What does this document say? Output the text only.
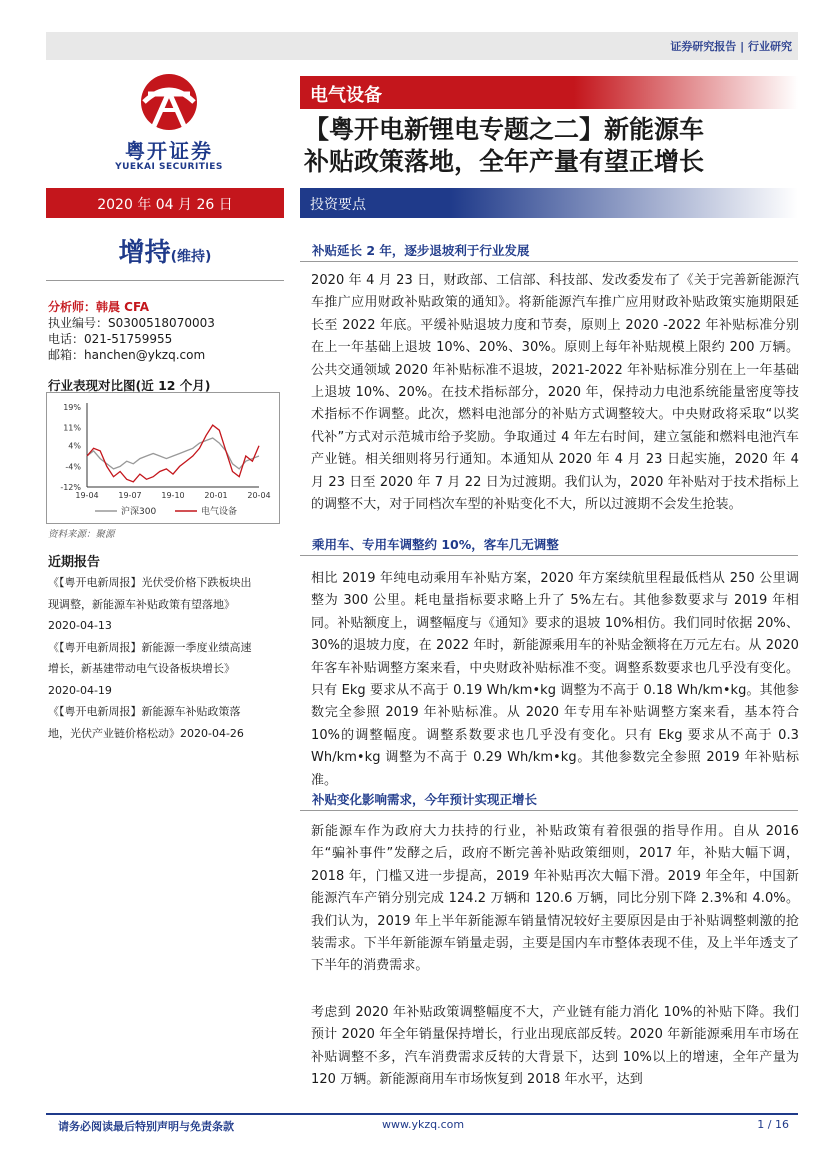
证券研究报告 | 行业研究
粤开证券
YUEKAI SECURITIES
电气设备
【粤开电新锂电专题之二】新能源车
补贴政策落地，全年产量有望正增长
2020 年 04 月 26 日	投资要点
增持(维持)
分析师：韩晨 CFA
执业编号：S0300518070003
电话：021-51759955
邮箱：hanchen@ykzq.com
行业表现对比图(近 12 个月)
19%
11%
4%
-4%
-12%
19-04 19-07 19-10 20-01 20-04
沪深300	电气设备
资料来源：聚源
近期报告
《【粤开电新周报】光伏受价格下跌板块出
现调整，新能源车补贴政策有望落地》
2020-04-13
《【粤开电新周报】新能源一季度业绩高速
增长，新基建带动电气设备板块增长》
2020-04-19
《【粤开电新周报】新能源车补贴政策落
地，光伏产业链价格松动》2020-04-26
补贴延长 2 年，逐步退坡利于行业发展
2020 年 4 月 23 日，财政部、工信部、科技部、发改委发布了《关于完善新能源汽车推广应用财政补贴政策的通知》。将新能源汽车推广应用财政补贴政策实施期限延长至 2022 年底。平缓补贴退坡力度和节奏，原则上 2020 -2022 年补贴标准分别在上一年基础上退坡 10%、20%、30%。原则上每年补贴规模上限约 200 万辆。公共交通领域 2020 年补贴标准不退坡，2021-2022 年补贴标准分别在上一年基础上退坡 10%、20%。在技术指标部分，2020 年，保持动力电池系统能量密度等技术指标不作调整。此次，燃料电池部分的补贴方式调整较大。中央财政将采取“以奖代补”方式对示范城市给予奖励。争取通过 4 年左右时间，建立氢能和燃料电池汽车产业链。相关细则将另行通知。本通知从 2020 年 4 月 23 日起实施，2020 年 4 月 23 日至 2020 年 7 月 22 日为过渡期。我们认为，2020 年补贴对于技术指标上的调整不大，对于同档次车型的补贴变化不大，所以过渡期不会发生抢装。
乘用车、专用车调整约 10%，客车几无调整
相比 2019 年纯电动乘用车补贴方案，2020 年方案续航里程最低档从 250 公里调整为 300 公里。耗电量指标要求略上升了 5%左右。其他参数要求与 2019 年相同。补贴额度上，调整幅度与《通知》要求的退坡 10%相仿。我们同时依据 20%、30%的退坡力度，在 2022 年时，新能源乘用车的补贴金额将在万元左右。从 2020 年客车补贴调整方案来看，中央财政补贴标准不变。调整系数要求也几乎没有变化。只有 Ekg 要求从不高于 0.19 Wh/km•kg 调整为不高于 0.18 Wh/km•kg。其他参数完全参照 2019 年补贴标准。从 2020 年专用车补贴调整方案来看，基本符合 10%的调整幅度。调整系数要求也几乎没有变化。只有 Ekg 要求从不高于 0.3 Wh/km•kg 调整为不高于 0.29 Wh/km•kg。其他参数完全参照 2019 年补贴标准。
补贴变化影响需求，今年预计实现正增长
新能源车作为政府大力扶持的行业，补贴政策有着很强的指导作用。自从 2016 年“骗补事件”发酵之后，政府不断完善补贴政策细则，2017 年，补贴大幅下调，2018 年，门槛又进一步提高，2019 年补贴再次大幅下滑。2019 年全年，中国新能源汽车产销分别完成 124.2 万辆和 120.6 万辆，同比分别下降 2.3%和 4.0%。我们认为，2019 年上半年新能源车销量情况较好主要原因是由于补贴调整刺激的抢装需求。下半年新能源车销量走弱，主要是国内车市整体表现不佳，及上半年透支了下半年的消费需求。
考虑到 2020 年补贴政策调整幅度不大，产业链有能力消化 10%的补贴下降。我们预计 2020 年全年销量保持增长，行业出现底部反转。2020 年新能源乘用车市场在补贴调整不多，汽车消费需求反转的大背景下，达到 10%以上的增速，全年产量为 120 万辆。新能源商用车市场恢复到 2018 年水平，达到
请务必阅读最后特别声明与免责条款	www.ykzq.com	1 / 16
